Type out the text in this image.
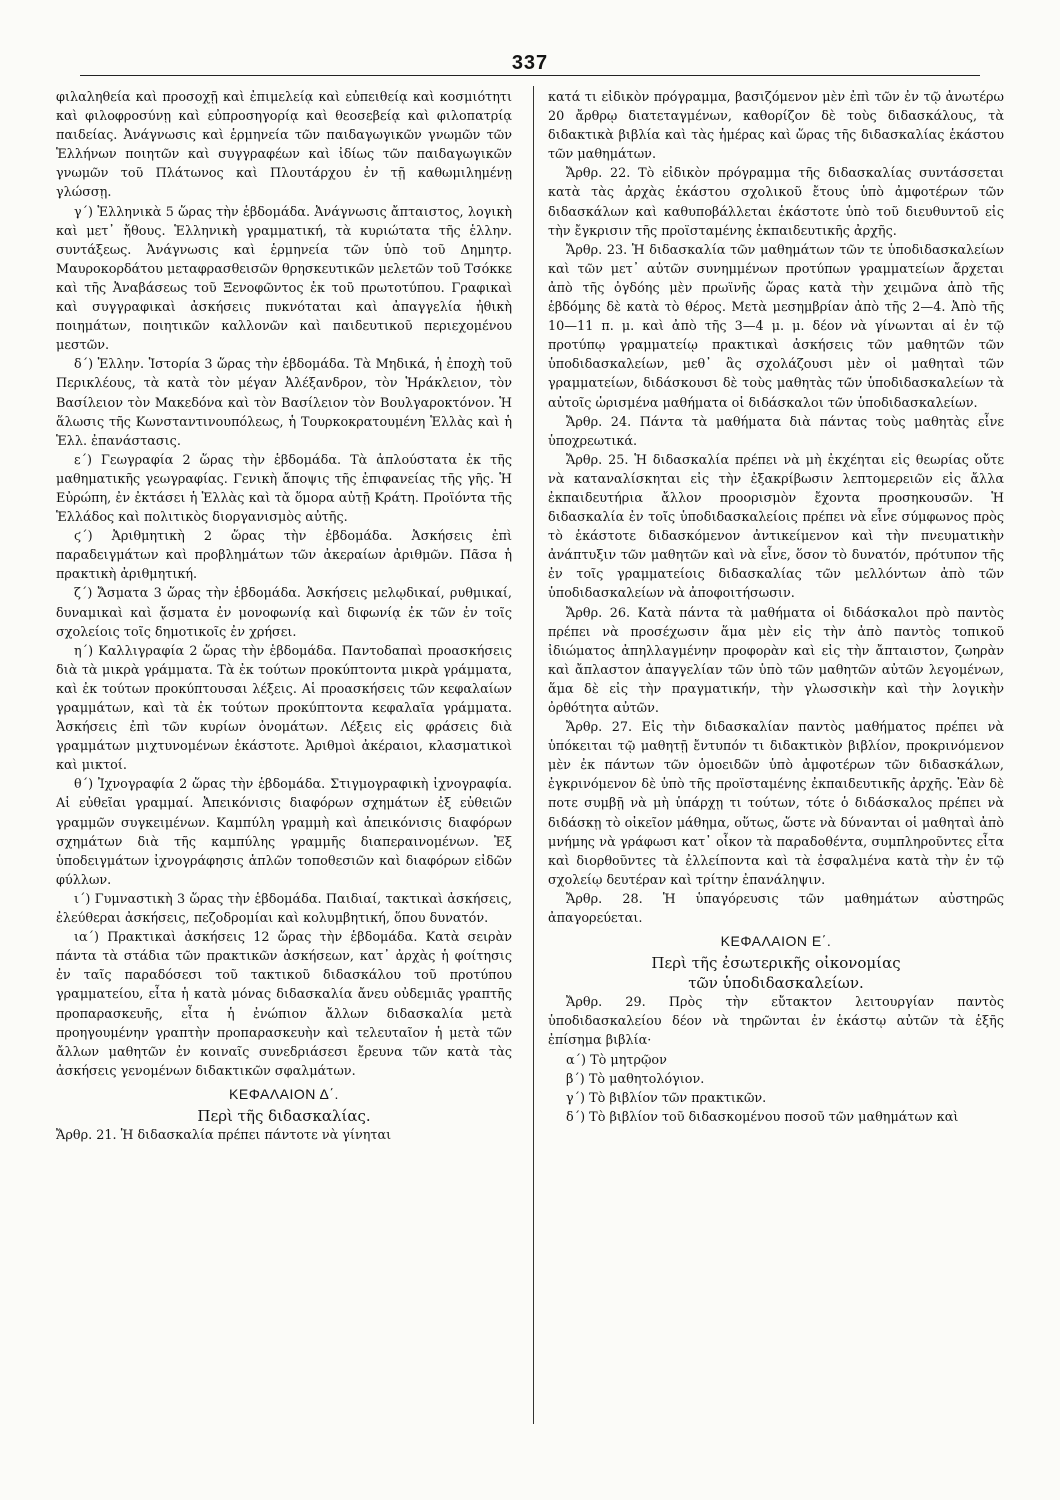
337

φιλαληθεία καὶ προσοχῇ καὶ ἐπιμελείᾳ καὶ εὐπειθείᾳ καὶ κοσμιότητι καὶ φιλοφροσύνῃ καὶ εὐπροσηγορίᾳ καὶ θεοσεβείᾳ καὶ φιλοπατρίᾳ παιδείας. Ἀνάγνωσις καὶ ἑρμηνεία τῶν παιδαγωγικῶν γνωμῶν τῶν Ἑλλήνων ποιητῶν καὶ συγγραφέων καὶ ἰδίως τῶν παιδαγωγικῶν γνωμῶν τοῦ Πλάτωνος καὶ Πλουτάρχου ἐν τῇ καθωμιλημένῃ γλώσσῃ.

γ΄) Ἑλληνικὰ 5 ὥρας τὴν ἑβδομάδα. Ἀνάγνωσις ἄπταιστος, λογικὴ καὶ μετ᾽ ἤθους. Ἑλληνικὴ γραμματική, τὰ κυριώτατα τῆς ἑλλην. συντάξεως. Ἀνάγνωσις καὶ ἑρμηνεία τῶν ὑπὸ τοῦ Δημητρ. Μαυροκορδάτου μεταφρασθεισῶν θρησκευτικῶν μελετῶν τοῦ Τσόκκε καὶ τῆς Ἀναβάσεως τοῦ Ξενοφῶντος ἐκ τοῦ πρωτοτύπου. Γραφικαὶ καὶ συγγραφικαὶ ἀσκήσεις πυκνόταται καὶ ἀπαγγελία ἠθικὴ ποιημάτων, ποιητικῶν καλλονῶν καὶ παιδευτικοῦ περιεχομένου μεστῶν.

δ΄) Ἑλλην. Ἱστορία 3 ὥρας τὴν ἑβδομάδα. Τὰ Μηδικά, ἡ ἐποχὴ τοῦ Περικλέους, τὰ κατὰ τὸν μέγαν Ἀλέξανδρον, τὸν Ἡράκλειον, τὸν Βασίλειον τὸν Μακεδόνα καὶ τὸν Βασίλειον τὸν Βουλγαροκτόνον. Ἡ ἅλωσις τῆς Κωνσταντινουπόλεως, ἡ Τουρκοκρατουμένη Ἑλλὰς καὶ ἡ Ἑλλ. ἐπανάστασις.

ε΄) Γεωγραφία 2 ὥρας τὴν ἑβδομάδα. Τὰ ἁπλούστατα ἐκ τῆς μαθηματικῆς γεωγραφίας. Γενικὴ ἄποψις τῆς ἐπιφανείας τῆς γῆς. Ἡ Εὐρώπη, ἐν ἐκτάσει ἡ Ἑλλὰς καὶ τὰ ὅμορα αὐτῇ Κράτη. Προϊόντα τῆς Ἑλλάδος καὶ πολιτικὸς διοργανισμὸς αὐτῆς.

ϛ΄) Ἀριθμητικὴ 2 ὥρας τὴν ἑβδομάδα. Ἀσκήσεις ἐπὶ παραδειγμάτων καὶ προβλημάτων τῶν ἀκεραίων ἀριθμῶν. Πᾶσα ἡ πρακτικὴ ἀριθμητική.

ζ΄) Ἄσματα 3 ὥρας τὴν ἑβδομάδα. Ἀσκήσεις μελῳδικαί, ρυθμικαί, δυναμικαὶ καὶ ᾄσματα ἐν μονοφωνίᾳ καὶ διφωνίᾳ ἐκ τῶν ἐν τοῖς σχολείοις τοῖς δημοτικοῖς ἐν χρήσει.

η΄) Καλλιγραφία 2 ὥρας τὴν ἑβδομάδα. Παντοδαπαὶ προασκήσεις διὰ τὰ μικρὰ γράμματα. Τὰ ἐκ τούτων προκύπτοντα μικρὰ γράμματα, καὶ ἐκ τούτων προκύπτουσαι λέξεις. Αἱ προασκήσεις τῶν κεφαλαίων γραμμάτων, καὶ τὰ ἐκ τούτων προκύπτοντα κεφαλαῖα γράμματα. Ἀσκήσεις ἐπὶ τῶν κυρίων ὀνομάτων. Λέξεις εἰς φράσεις διὰ γραμμάτων μιχτυνομένων ἑκάστοτε. Ἀριθμοὶ ἀκέραιοι, κλασματικοὶ καὶ μικτοί.

θ΄) Ἰχνογραφία 2 ὥρας τὴν ἑβδομάδα. Στιγμογραφικὴ ἰχνογραφία. Αἱ εὐθεῖαι γραμμαί. Ἀπεικόνισις διαφόρων σχημάτων ἐξ εὐθειῶν γραμμῶν συγκειμένων. Καμπύλη γραμμὴ καὶ ἀπεικόνισις διαφόρων σχημάτων διὰ τῆς καμπύλης γραμμῆς διαπεραινομένων. Ἐξ ὑποδειγμάτων ἰχνογράφησις ἁπλῶν τοποθεσιῶν καὶ διαφόρων εἰδῶν φύλλων.

ι΄) Γυμναστικὴ 3 ὥρας τὴν ἑβδομάδα. Παιδιαί, τακτικαὶ ἀσκήσεις, ἐλεύθεραι ἀσκήσεις, πεζοδρομίαι καὶ κολυμβητική, ὅπου δυνατόν.

ια΄) Πρακτικαὶ ἀσκήσεις 12 ὥρας τὴν ἑβδομάδα. Κατὰ σειρὰν πάντα τὰ στάδια τῶν πρακτικῶν ἀσκήσεων, κατ᾽ ἀρχὰς ἡ φοίτησις ἐν ταῖς παραδόσεσι τοῦ τακτικοῦ διδασκάλου τοῦ προτύπου γραμματείου, εἶτα ἡ κατὰ μόνας διδασκαλία ἄνευ οὐδεμιᾶς γραπτῆς προπαρασκευῆς, εἶτα ἡ ἐνώπιον ἄλλων διδασκαλία μετὰ προηγουμένην γραπτὴν προπαρασκευὴν καὶ τελευταῖον ἡ μετὰ τῶν ἄλλων μαθητῶν ἐν κοιναῖς συνεδριάσεσι ἔρευνα τῶν κατὰ τὰς ἀσκήσεις γενομένων διδακτικῶν σφαλμάτων.

ΚΕΦΑΛΑΙΟΝ Δ΄.
Περὶ τῆς διδασκαλίας.

Ἄρθρ. 21. Ἡ διδασκαλία πρέπει πάντοτε νὰ γίνηται

κατά τι εἰδικὸν πρόγραμμα, βασιζόμενον μὲν ἐπὶ τῶν ἐν τῷ ἀνωτέρω 20 ἄρθρῳ διατεταγμένων, καθορίζον δὲ τοὺς διδασκάλους, τὰ διδακτικὰ βιβλία καὶ τὰς ἡμέρας καὶ ὥρας τῆς διδασκαλίας ἑκάστου τῶν μαθημάτων.

Ἄρθρ. 22. Τὸ εἰδικὸν πρόγραμμα τῆς διδασκαλίας συντάσσεται κατὰ τὰς ἀρχὰς ἑκάστου σχολικοῦ ἔτους ὑπὸ ἀμφοτέρων τῶν διδασκάλων καὶ καθυποβάλλεται ἑκάστοτε ὑπὸ τοῦ διευθυντοῦ εἰς τὴν ἔγκρισιν τῆς προϊσταμένης ἐκπαιδευτικῆς ἀρχῆς.

Ἄρθρ. 23. Ἡ διδασκαλία τῶν μαθημάτων τῶν τε ὑποδιδασκαλείων καὶ τῶν μετ᾽ αὐτῶν συνημμένων προτύπων γραμματείων ἄρχεται ἀπὸ τῆς ὀγδόης μὲν πρωϊνῆς ὥρας κατὰ τὴν χειμῶνα ἀπὸ τῆς ἑβδόμης δὲ κατὰ τὸ θέρος. Μετὰ μεσημβρίαν ἀπὸ τῆς 2—4. Ἀπὸ τῆς 10—11 π. μ. καὶ ἀπὸ τῆς 3—4 μ. μ. δέον νὰ γίνωνται αἱ ἐν τῷ προτύπῳ γραμματείῳ πρακτικαὶ ἀσκήσεις τῶν μαθητῶν τῶν ὑποδιδασκαλείων, μεθ᾽ ἃς σχολάζουσι μὲν οἱ μαθηταὶ τῶν γραμματείων, διδάσκουσι δὲ τοὺς μαθητὰς τῶν ὑποδιδασκαλείων τὰ αὐτοῖς ὡρισμένα μαθήματα οἱ διδάσκαλοι τῶν ὑποδιδασκαλείων.

Ἄρθρ. 24. Πάντα τὰ μαθήματα διὰ πάντας τοὺς μαθητὰς εἶνε ὑποχρεωτικά.

Ἄρθρ. 25. Ἡ διδασκαλία πρέπει νὰ μὴ ἐκχέηται εἰς θεωρίας οὔτε νὰ καταναλίσκηται εἰς τὴν ἐξακρίβωσιν λεπτομερειῶν εἰς ἄλλα ἐκπαιδευτήρια ἄλλον προορισμὸν ἔχοντα προσηκουσῶν. Ἡ διδασκαλία ἐν τοῖς ὑποδιδασκαλείοις πρέπει νὰ εἶνε σύμφωνος πρὸς τὸ ἑκάστοτε διδασκόμενον ἀντικείμενον καὶ τὴν πνευματικὴν ἀνάπτυξιν τῶν μαθητῶν καὶ νὰ εἶνε, ὅσον τὸ δυνατόν, πρότυπον τῆς ἐν τοῖς γραμματείοις διδασκαλίας τῶν μελλόντων ἀπὸ τῶν ὑποδιδασκαλείων νὰ ἀποφοιτήσωσιν.

Ἄρθρ. 26. Κατὰ πάντα τὰ μαθήματα οἱ διδάσκαλοι πρὸ παντὸς πρέπει νὰ προσέχωσιν ἅμα μὲν εἰς τὴν ἀπὸ παντὸς τοπικοῦ ἰδιώματος ἀπηλλαγμένην προφορὰν καὶ εἰς τὴν ἄπταιστον, ζωηρὰν καὶ ἄπλαστον ἀπαγγελίαν τῶν ὑπὸ τῶν μαθητῶν αὐτῶν λεγομένων, ἅμα δὲ εἰς τὴν πραγματικήν, τὴν γλωσσικὴν καὶ τὴν λογικὴν ὀρθότητα αὐτῶν.

Ἄρθρ. 27. Εἰς τὴν διδασκαλίαν παντὸς μαθήματος πρέπει νὰ ὑπόκειται τῷ μαθητῇ ἔντυπόν τι διδακτικὸν βιβλίον, προκρινόμενον μὲν ἐκ πάντων τῶν ὁμοειδῶν ὑπὸ ἀμφοτέρων τῶν διδασκάλων, ἐγκρινόμενον δὲ ὑπὸ τῆς προϊσταμένης ἐκπαιδευτικῆς ἀρχῆς. Ἐὰν δὲ ποτε συμβῇ νὰ μὴ ὑπάρχῃ τι τούτων, τότε ὁ διδάσκαλος πρέπει νὰ διδάσκῃ τὸ οἰκεῖον μάθημα, οὕτως, ὥστε νὰ δύνανται οἱ μαθηταὶ ἀπὸ μνήμης νὰ γράφωσι κατ᾽ οἶκον τὰ παραδοθέντα, συμπληροῦντες εἶτα καὶ διορθοῦντες τὰ ἐλλείποντα καὶ τὰ ἐσφαλμένα κατὰ τὴν ἐν τῷ σχολείῳ δευτέραν καὶ τρίτην ἐπανάληψιν.

Ἄρθρ. 28. Ἡ ὑπαγόρευσις τῶν μαθημάτων αὐστηρῶς ἀπαγορεύεται.

ΚΕΦΑΛΑΙΟΝ Ε΄.
Περὶ τῆς ἐσωτερικῆς οἰκονομίας
τῶν ὑποδιδασκαλείων.

Ἄρθρ. 29. Πρὸς τὴν εὔτακτον λειτουργίαν παντὸς ὑποδιδασκαλείου δέον νὰ τηρῶνται ἐν ἑκάστῳ αὐτῶν τὰ ἑξῆς ἐπίσημα βιβλία·

α΄) Τὸ μητρῷον

β΄) Τὸ μαθητολόγιον.

γ΄) Τὸ βιβλίον τῶν πρακτικῶν.

δ΄) Τὸ βιβλίον τοῦ διδασκομένου ποσοῦ τῶν μαθημάτων καὶ
